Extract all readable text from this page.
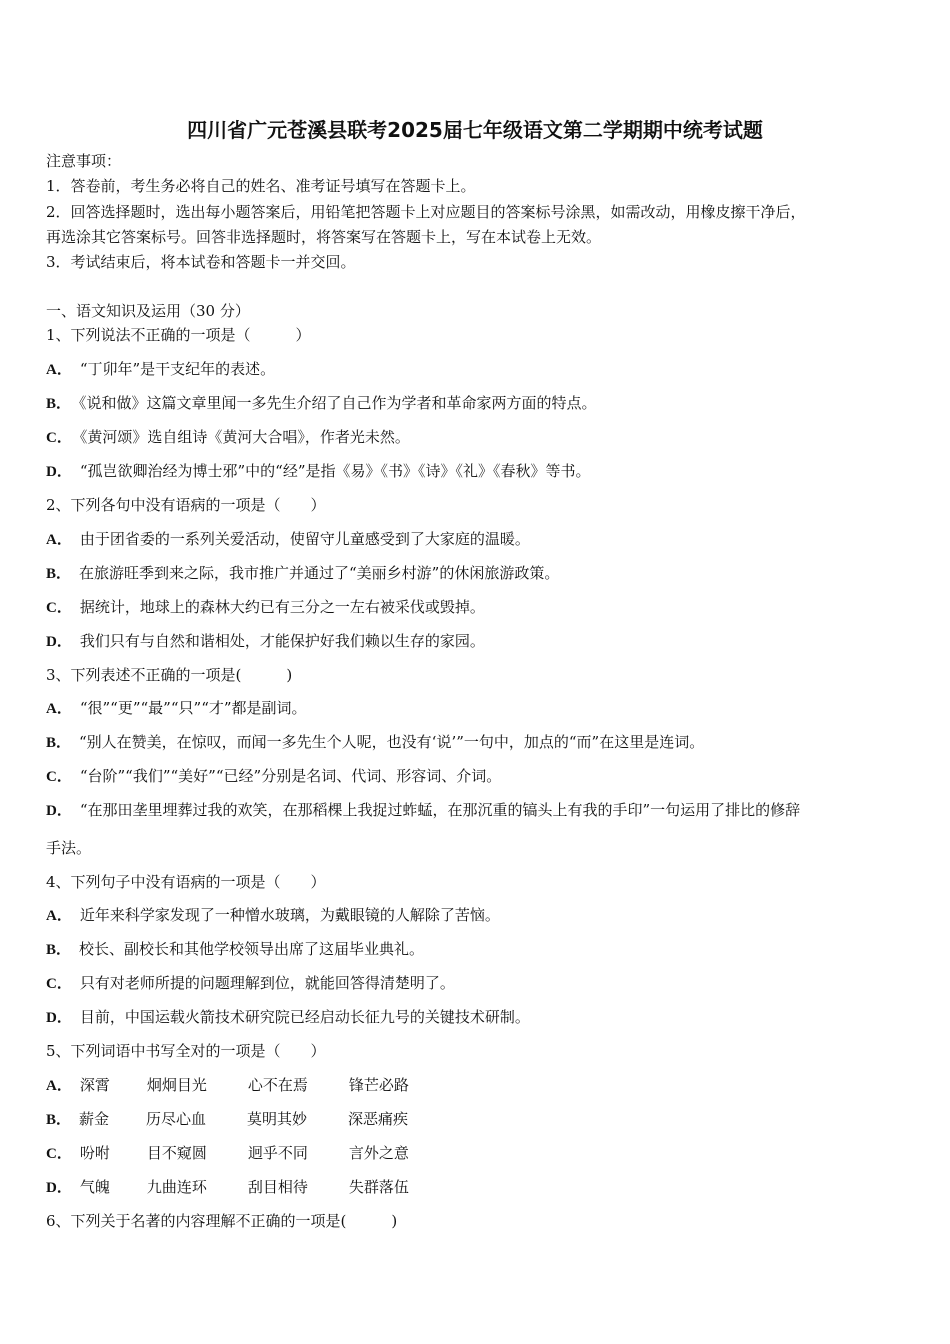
四川省广元苍溪县联考2025届七年级语文第二学期期中统考试题
注意事项：
1．答卷前，考生务必将自己的姓名、准考证号填写在答题卡上。
2．回答选择题时，选出每小题答案后，用铅笔把答题卡上对应题目的答案标号涂黑，如需改动，用橡皮擦干净后，
再选涂其它答案标号。回答非选择题时，将答案写在答题卡上，写在本试卷上无效。
3．考试结束后，将本试卷和答题卡一并交回。
一、语文知识及运用（30 分）
1、下列说法不正确的一项是（　　　）
A． “丁卯年”是干支纪年的表述。
B． 《说和做》这篇文章里闻一多先生介绍了自己作为学者和革命家两方面的特点。
C． 《黄河颂》选自组诗《黄河大合唱》，作者光未然。
D． “孤岂欲卿治经为博士邪”中的“经”是指《易》《书》《诗》《礼》《春秋》等书。
2、下列各句中没有语病的一项是（　　）
A． 由于团省委的一系列关爱活动，使留守儿童感受到了大家庭的温暖。
B． 在旅游旺季到来之际，我市推广并通过了“美丽乡村游”的休闲旅游政策。
C． 据统计，地球上的森林大约已有三分之一左右被采伐或毁掉。
D． 我们只有与自然和谐相处，才能保护好我们赖以生存的家园。
3、下列表述不正确的一项是(　　　)
A． “很”“更”“最”“只”“才”都是副词。
B． “别人在赞美，在惊叹，而闻一多先生个人呢，也没有‘说’”一句中，加点的“而”在这里是连词。
C． “台阶”“我们”“美好”“已经”分别是名词、代词、形容词、介词。
D． “在那田垄里埋葬过我的欢笑，在那稻棵上我捉过蚱蜢，在那沉重的镐头上有我的手印”一句运用了排比的修辞
手法。
4、下列句子中没有语病的一项是（　　）
A． 近年来科学家发现了一种憎水玻璃，为戴眼镜的人解除了苦恼。
B． 校长、副校长和其他学校领导出席了这届毕业典礼。
C． 只有对老师所提的问题理解到位，就能回答得清楚明了。
D． 目前，中国运载火箭技术研究院已经启动长征九号的关键技术研制。
5、下列词语中书写全对的一项是（　　）
A． 深霄 炯炯目光	心不在焉	锋芒必路
B． 薪金 历尽心血	莫明其妙	深恶痛疾
C． 吩咐 目不窥圆	迥乎不同	言外之意
D． 气魄 九曲连环	刮目相待	失群落伍
6、下列关于名著的内容理解不正确的一项是(　　　)
